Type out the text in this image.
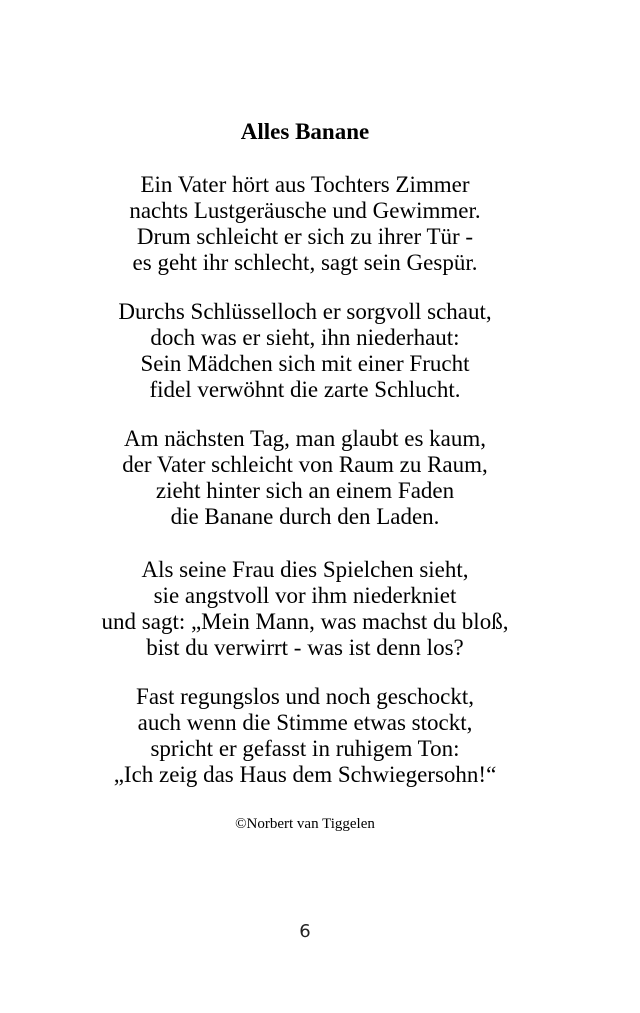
Alles Banane
Ein Vater hört aus Tochters Zimmer
nachts Lustgeräusche und Gewimmer.
Drum schleicht er sich zu ihrer Tür -
es geht ihr schlecht, sagt sein Gespür.
Durchs Schlüsselloch er sorgvoll schaut,
doch was er sieht, ihn niederhaut:
Sein Mädchen sich mit einer Frucht
fidel verwöhnt die zarte Schlucht.
Am nächsten Tag, man glaubt es kaum,
der Vater schleicht von Raum zu Raum,
zieht hinter sich an einem Faden
die Banane durch den Laden.
Als seine Frau dies Spielchen sieht,
sie angstvoll vor ihm niederkniet
und sagt: „Mein Mann, was machst du bloß,
bist du verwirrt - was ist denn los?
Fast regungslos und noch geschockt,
auch wenn die Stimme etwas stockt,
spricht er gefasst in ruhigem Ton:
„Ich zeig das Haus dem Schwiegersohn!“
©Norbert van Tiggelen
6
